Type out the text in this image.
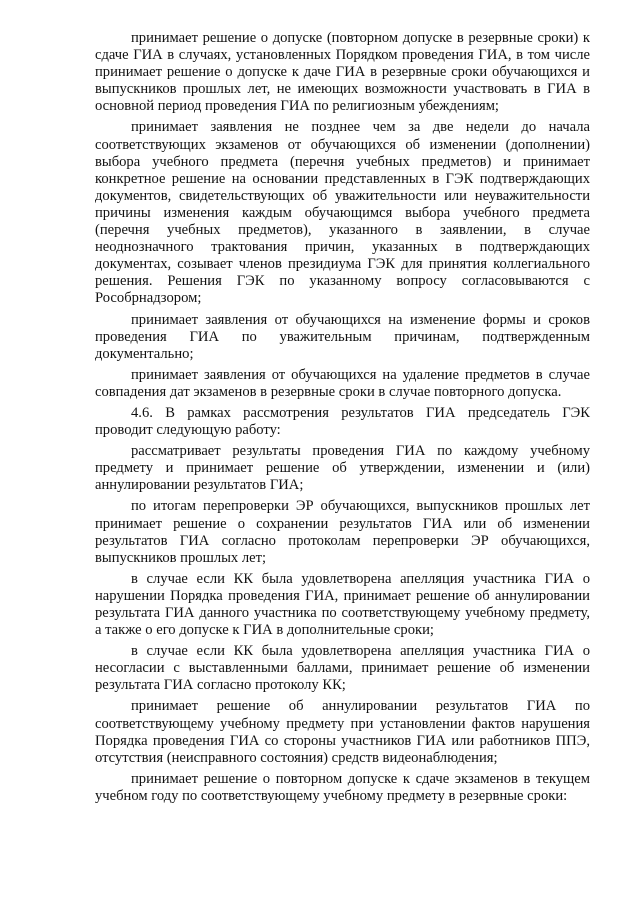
принимает решение о допуске (повторном допуске в резервные сроки) к сдаче ГИА в случаях, установленных Порядком проведения ГИА, в том числе принимает решение о допуске к даче ГИА в резервные сроки обучающихся и выпускников прошлых лет, не имеющих возможности участвовать в ГИА в основной период проведения ГИА по религиозным убеждениям;

принимает заявления не позднее чем за две недели до начала соответствующих экзаменов от обучающихся об изменении (дополнении) выбора учебного предмета (перечня учебных предметов) и принимает конкретное решение на основании представленных в ГЭК подтверждающих документов, свидетельствующих об уважительности или неуважительности причины изменения каждым обучающимся выбора учебного предмета (перечня учебных предметов), указанного в заявлении, в случае неоднозначного трактования причин, указанных в подтверждающих документах, созывает членов президиума ГЭК для принятия коллегиального решения. Решения ГЭК по указанному вопросу согласовываются с Рособрнадзором;

принимает заявления от обучающихся на изменение формы и сроков проведения ГИА по уважительным причинам, подтвержденным документально;

принимает заявления от обучающихся на удаление предметов в случае совпадения дат экзаменов в резервные сроки в случае повторного допуска.

4.6. В рамках рассмотрения результатов ГИА председатель ГЭК проводит следующую работу:

рассматривает результаты проведения ГИА по каждому учебному предмету и принимает решение об утверждении, изменении и (или) аннулировании результатов ГИА;

по итогам перепроверки ЭР обучающихся, выпускников прошлых лет принимает решение о сохранении результатов ГИА или об изменении результатов ГИА согласно протоколам перепроверки ЭР обучающихся, выпускников прошлых лет;

в случае если КК была удовлетворена апелляция участника ГИА о нарушении Порядка проведения ГИА, принимает решение об аннулировании результата ГИА данного участника по соответствующему учебному предмету, а также о его допуске к ГИА в дополнительные сроки;

в случае если КК была удовлетворена апелляция участника ГИА о несогласии с выставленными баллами, принимает решение об изменении результата ГИА согласно протоколу КК;

принимает решение об аннулировании результатов ГИА по соответствующему учебному предмету при установлении фактов нарушения Порядка проведения ГИА со стороны участников ГИА или работников ППЭ, отсутствия (неисправного состояния) средств видеонаблюдения;

принимает решение о повторном допуске к сдаче экзаменов в текущем учебном году по соответствующему учебному предмету в резервные сроки:
